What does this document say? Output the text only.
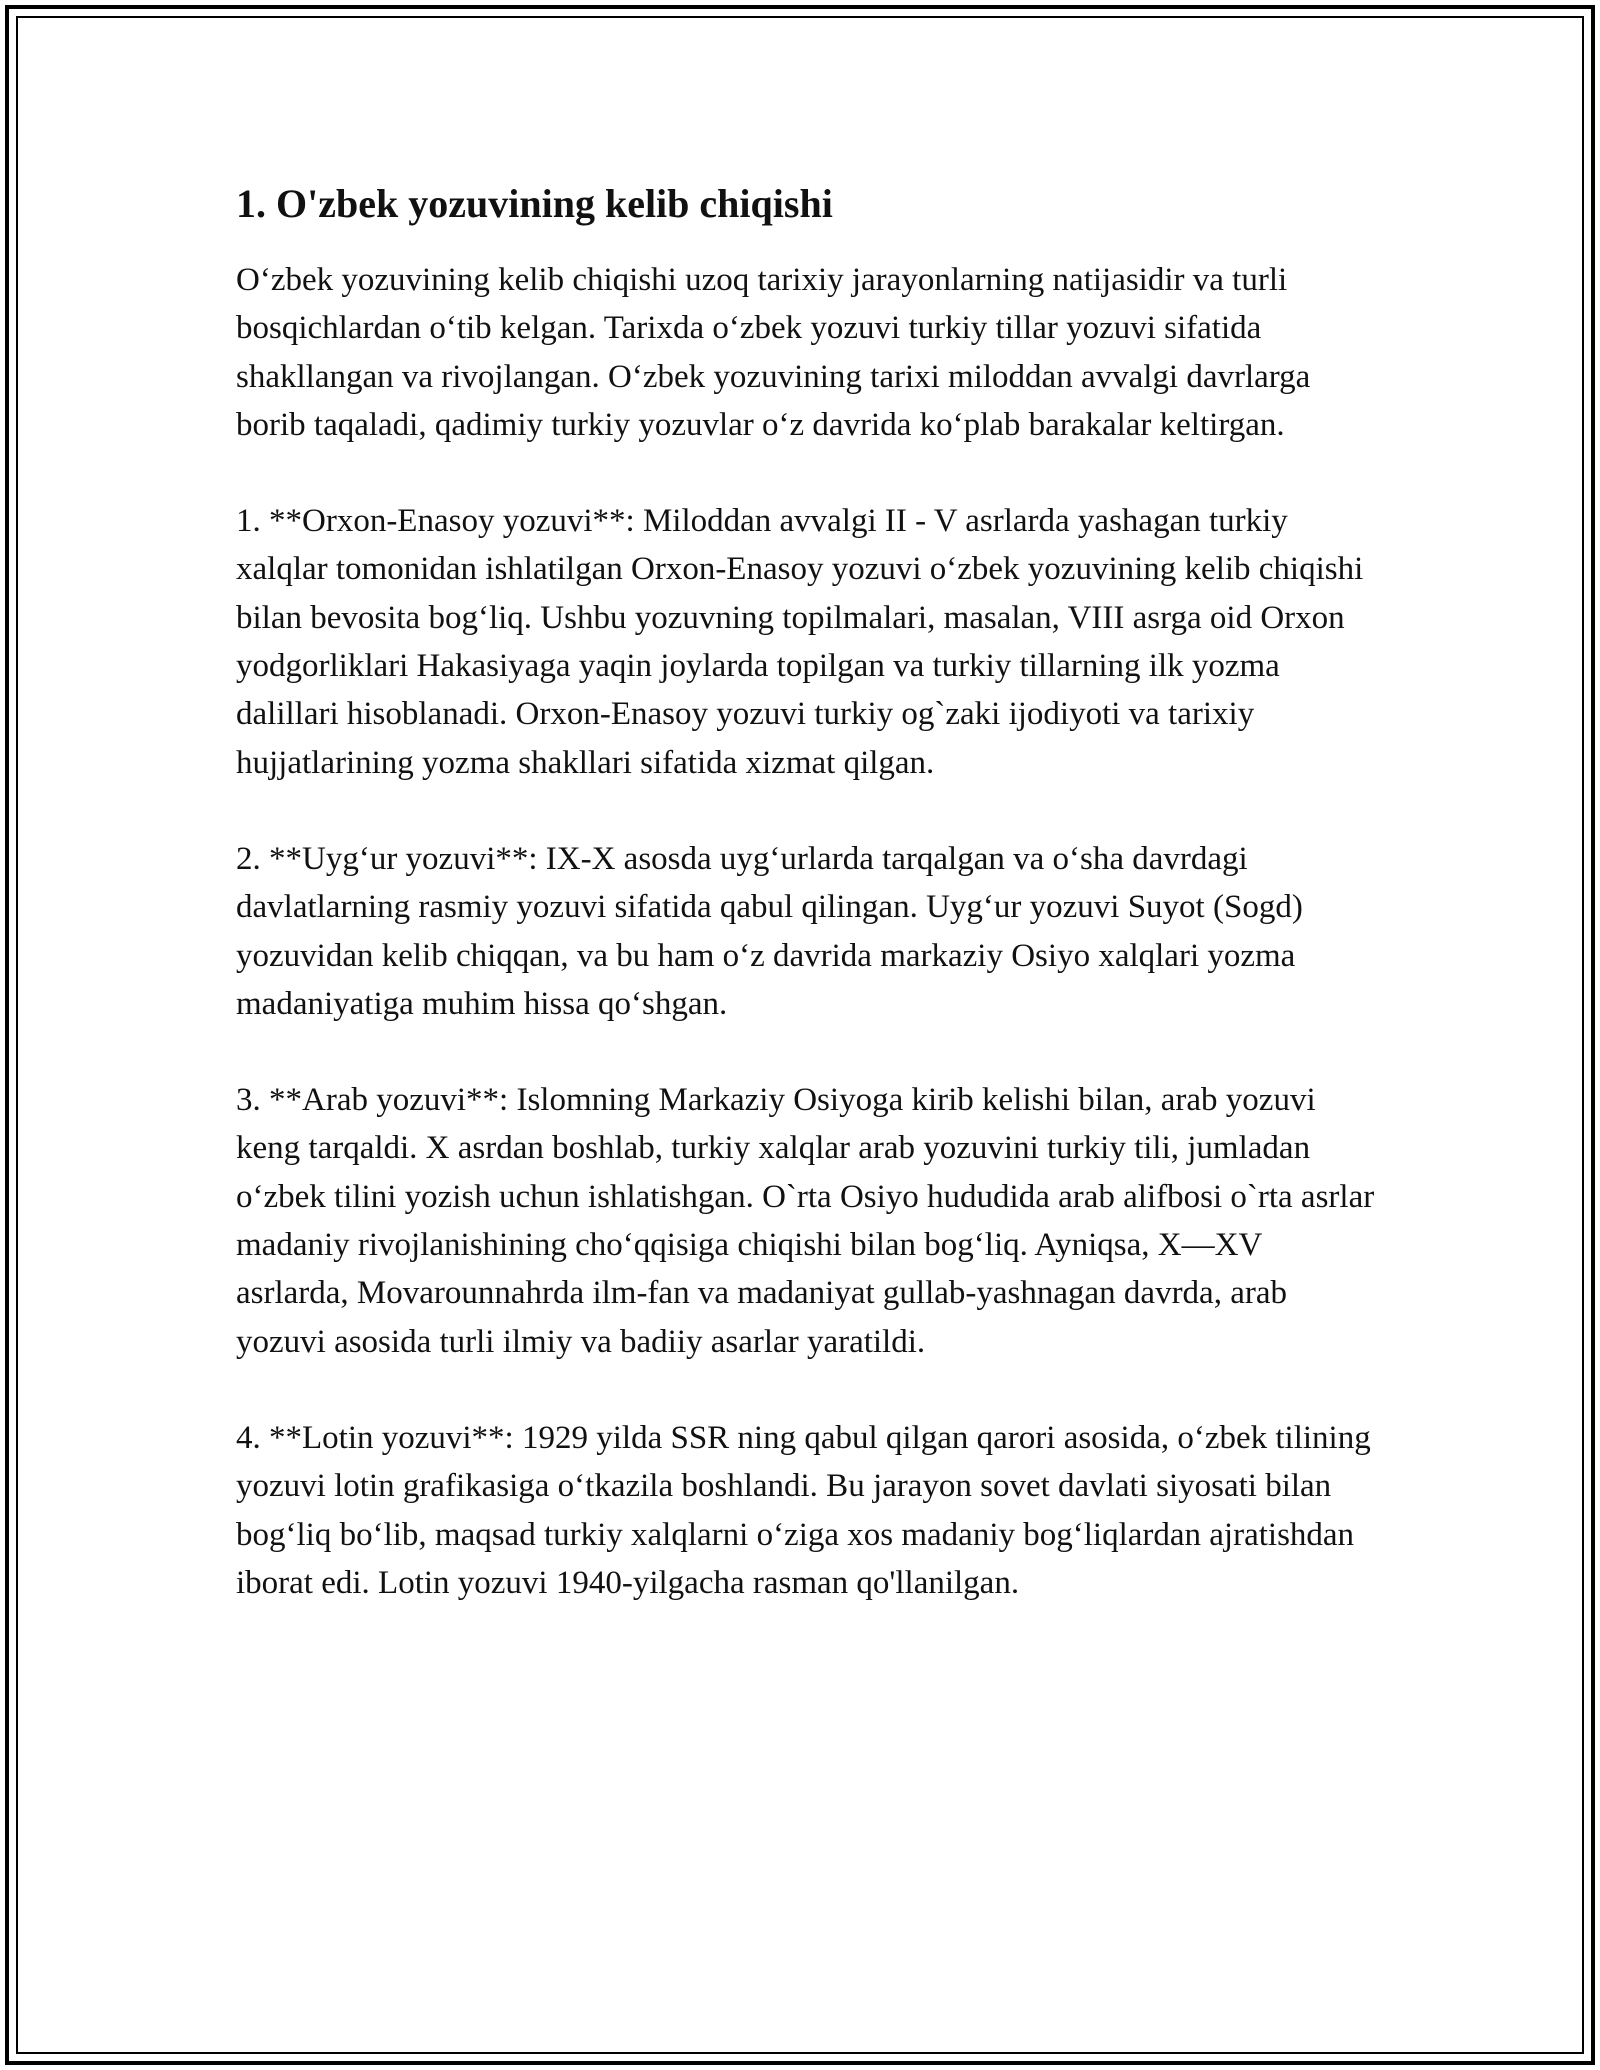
1. O'zbek yozuvining kelib chiqishi

O‘zbek yozuvining kelib chiqishi uzoq tarixiy jarayonlarning natijasidir va turli bosqichlardan o‘tib kelgan. Tarixda o‘zbek yozuvi turkiy tillar yozuvi sifatida shakllangan va rivojlangan. O‘zbek yozuvining tarixi miloddan avvalgi davrlarga borib taqaladi, qadimiy turkiy yozuvlar o‘z davrida ko‘plab barakalar keltirgan.

1. **Orxon-Enasoy yozuvi**: Miloddan avvalgi II - V asrlarda yashagan turkiy xalqlar tomonidan ishlatilgan Orxon-Enasoy yozuvi o‘zbek yozuvining kelib chiqishi bilan bevosita bog‘liq. Ushbu yozuvning topilmalari, masalan, VIII asrga oid Orxon yodgorliklari Hakasiyaga yaqin joylarda topilgan va turkiy tillarning ilk yozma dalillari hisoblanadi. Orxon-Enasoy yozuvi turkiy og`zaki ijodiyoti va tarixiy hujjatlarining yozma shakllari sifatida xizmat qilgan.

2. **Uyg‘ur yozuvi**: IX-X asosda uyg‘urlarda tarqalgan va o‘sha davrdagi davlatlarning rasmiy yozuvi sifatida qabul qilingan. Uyg‘ur yozuvi Suyot (Sogd) yozuvidan kelib chiqqan, va bu ham o‘z davrida markaziy Osiyo xalqlari yozma madaniyatiga muhim hissa qo‘shgan.

3. **Arab yozuvi**: Islomning Markaziy Osiyoga kirib kelishi bilan, arab yozuvi keng tarqaldi. X asrdan boshlab, turkiy xalqlar arab yozuvini turkiy tili, jumladan o‘zbek tilini yozish uchun ishlatishgan. O`rta Osiyo hududida arab alifbosi o`rta asrlar madaniy rivojlanishining cho‘qqisiga chiqishi bilan bog‘liq. Ayniqsa, X—XV asrlarda, Movarounnahrda ilm-fan va madaniyat gullab-yashnagan davrda, arab yozuvi asosida turli ilmiy va badiiy asarlar yaratildi.

4. **Lotin yozuvi**: 1929 yilda SSR ning qabul qilgan qarori asosida, o‘zbek tilining yozuvi lotin grafikasiga o‘tkazila boshlandi. Bu jarayon sovet davlati siyosati bilan bog‘liq bo‘lib, maqsad turkiy xalqlarni o‘ziga xos madaniy bog‘liqlardan ajratishdan iborat edi. Lotin yozuvi 1940-yilgacha rasman qo'llanilgan.
